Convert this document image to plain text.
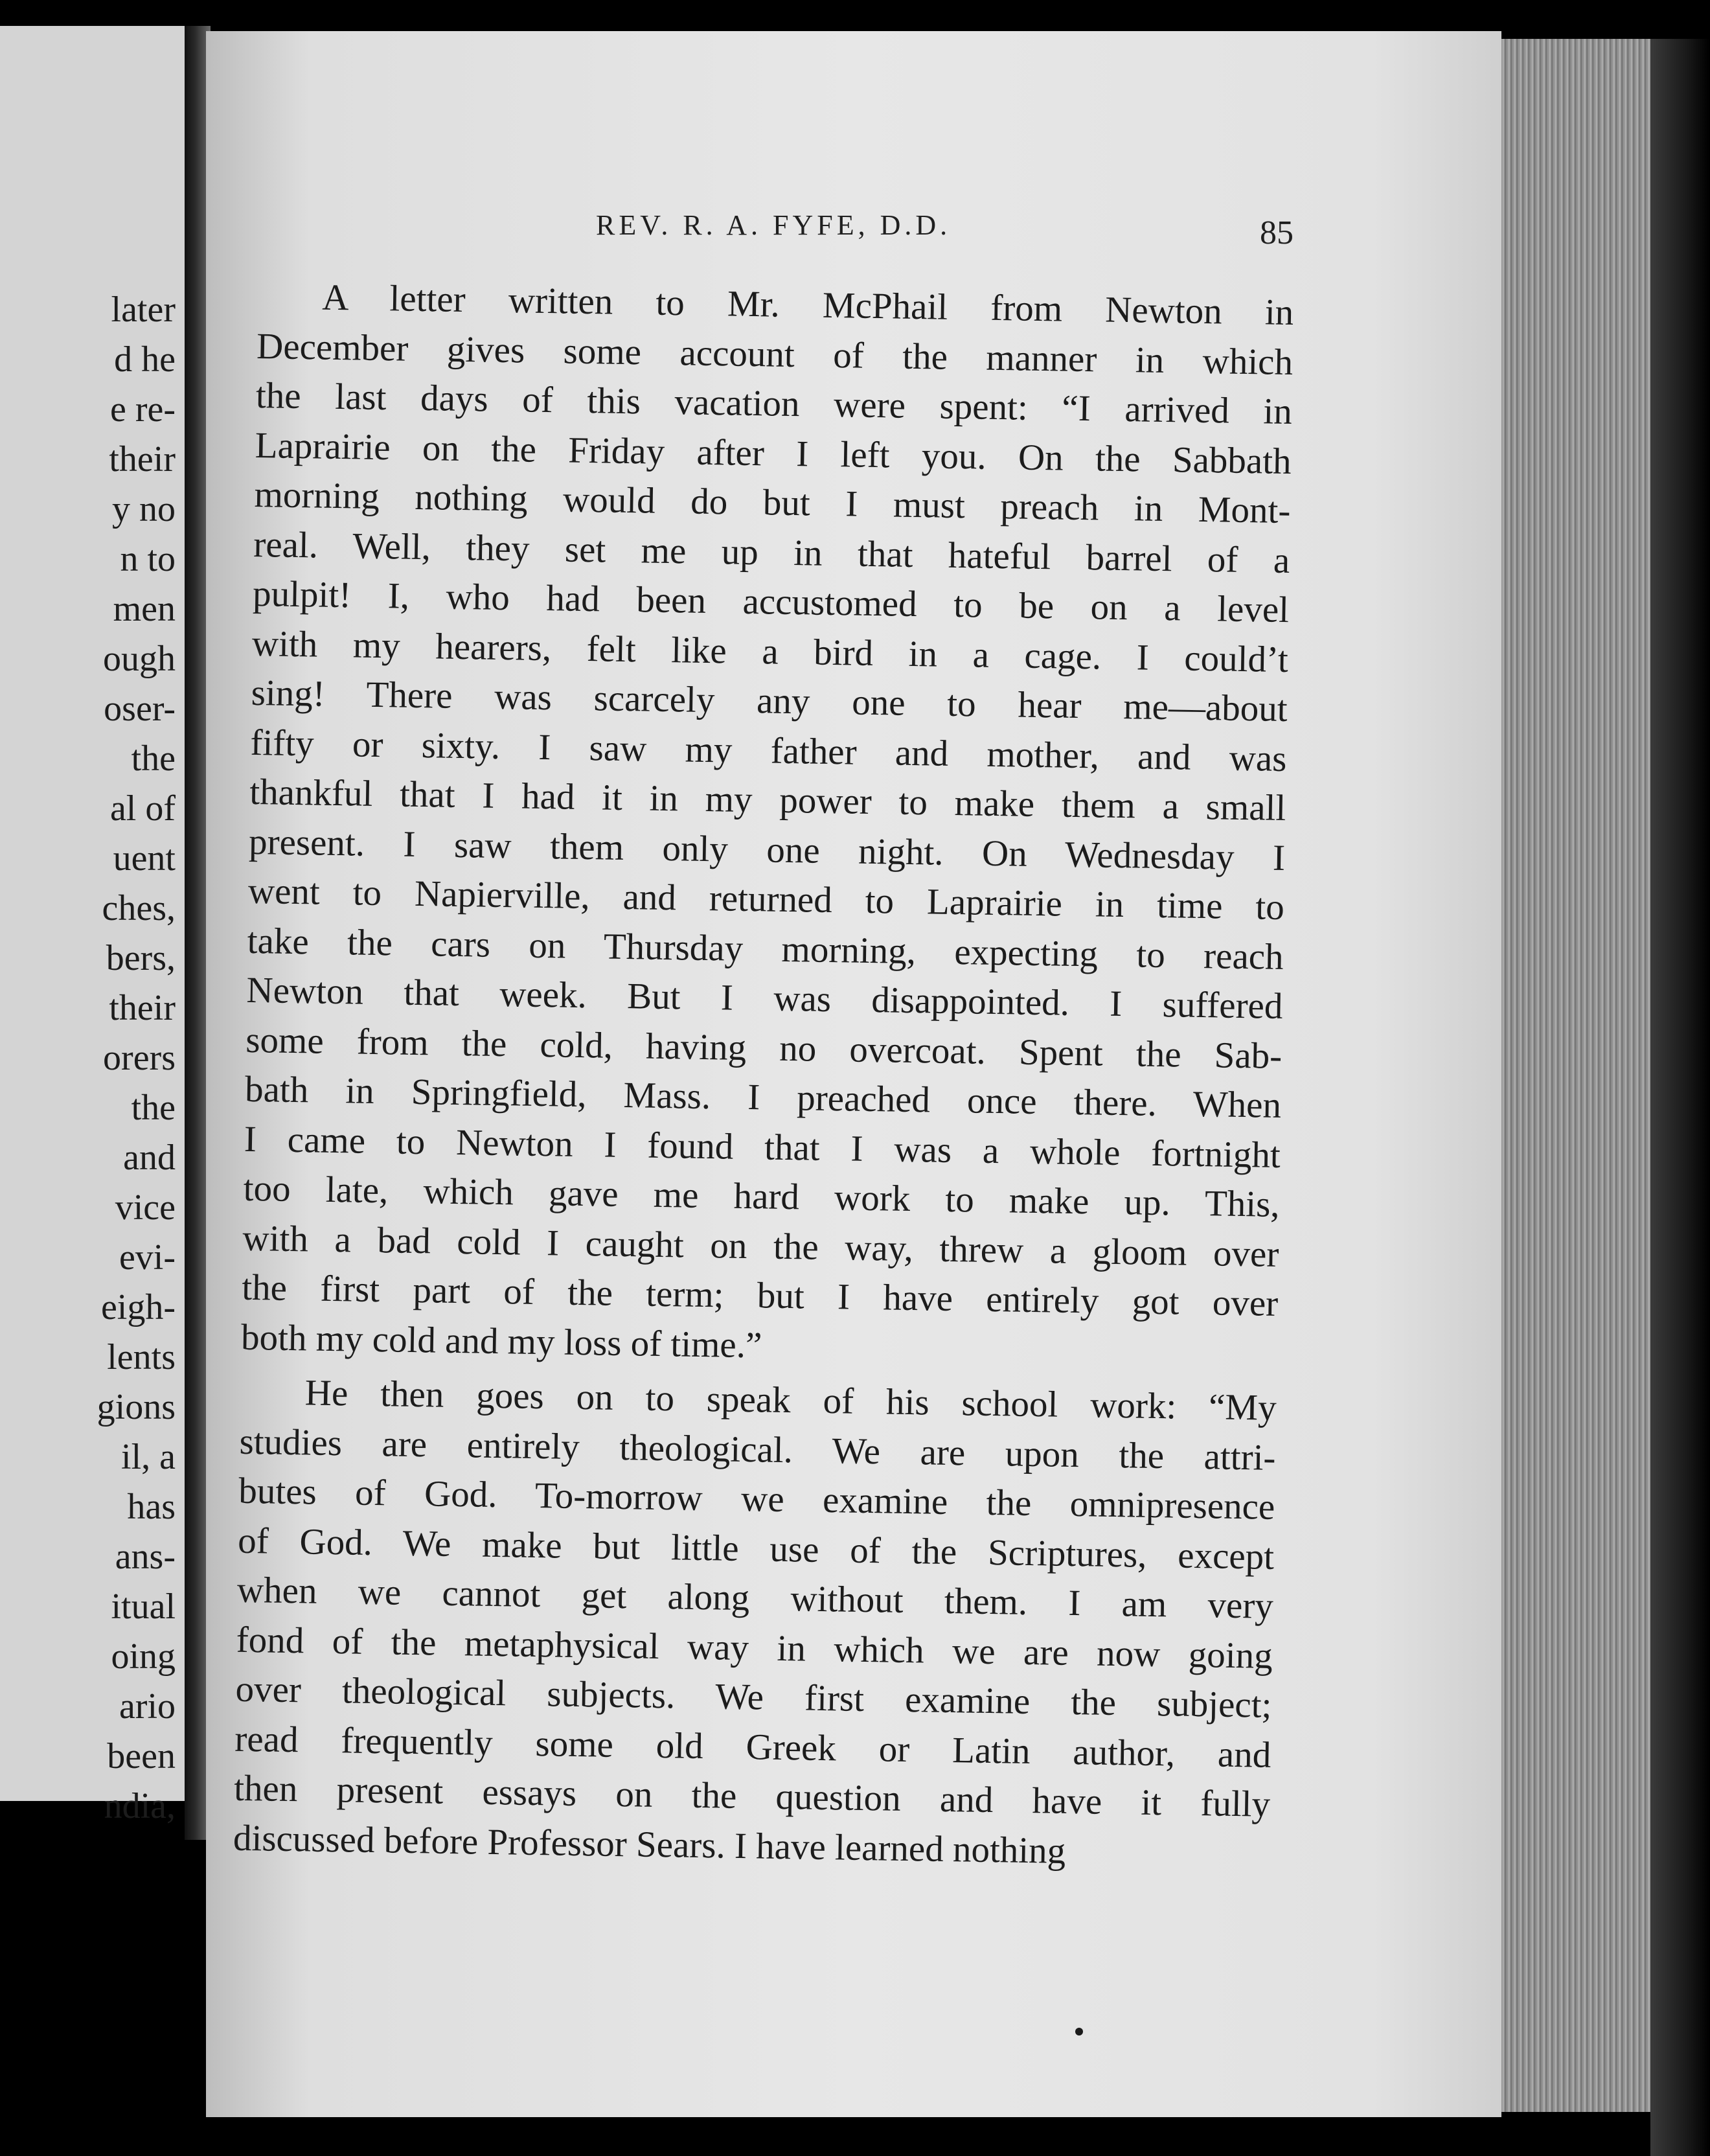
later
d he
e re-
their
y no
n to
men
ough
oser-
the
al of
uent
ches,
bers,
their
orers
the
and
vice
evi-
eigh-
lents
gions
il, a
has
ans-
itual
oing
ario
been
ndia,
REV. R. A. FYFE, D.D.	85
A letter written to Mr. McPhail from Newton in
December gives some account of the manner in which
the last days of this vacation were spent: “I arrived in
Laprairie on the Friday after I left you. On the Sabbath
morning nothing would do but I must preach in Mont-
real. Well, they set me up in that hateful barrel of a
pulpit! I, who had been accustomed to be on a level
with my hearers, felt like a bird in a cage. I could’t
sing! There was scarcely any one to hear me—about
fifty or sixty. I saw my father and mother, and was
thankful that I had it in my power to make them a small
present. I saw them only one night. On Wednesday I
went to Napierville, and returned to Laprairie in time to
take the cars on Thursday morning, expecting to reach
Newton that week. But I was disappointed. I suffered
some from the cold, having no overcoat. Spent the Sab-
bath in Springfield, Mass. I preached once there. When
I came to Newton I found that I was a whole fortnight
too late, which gave me hard work to make up. This,
with a bad cold I caught on the way, threw a gloom over
the first part of the term; but I have entirely got over
both my cold and my loss of time.”
He then goes on to speak of his school work: “My
studies are entirely theological. We are upon the attri-
butes of God. To-morrow we examine the omnipresence
of God. We make but little use of the Scriptures, except
when we cannot get along without them. I am very
fond of the metaphysical way in which we are now going
over theological subjects. We first examine the subject;
read frequently some old Greek or Latin author, and
then present essays on the question and have it fully
discussed before Professor Sears. I have learned nothing
